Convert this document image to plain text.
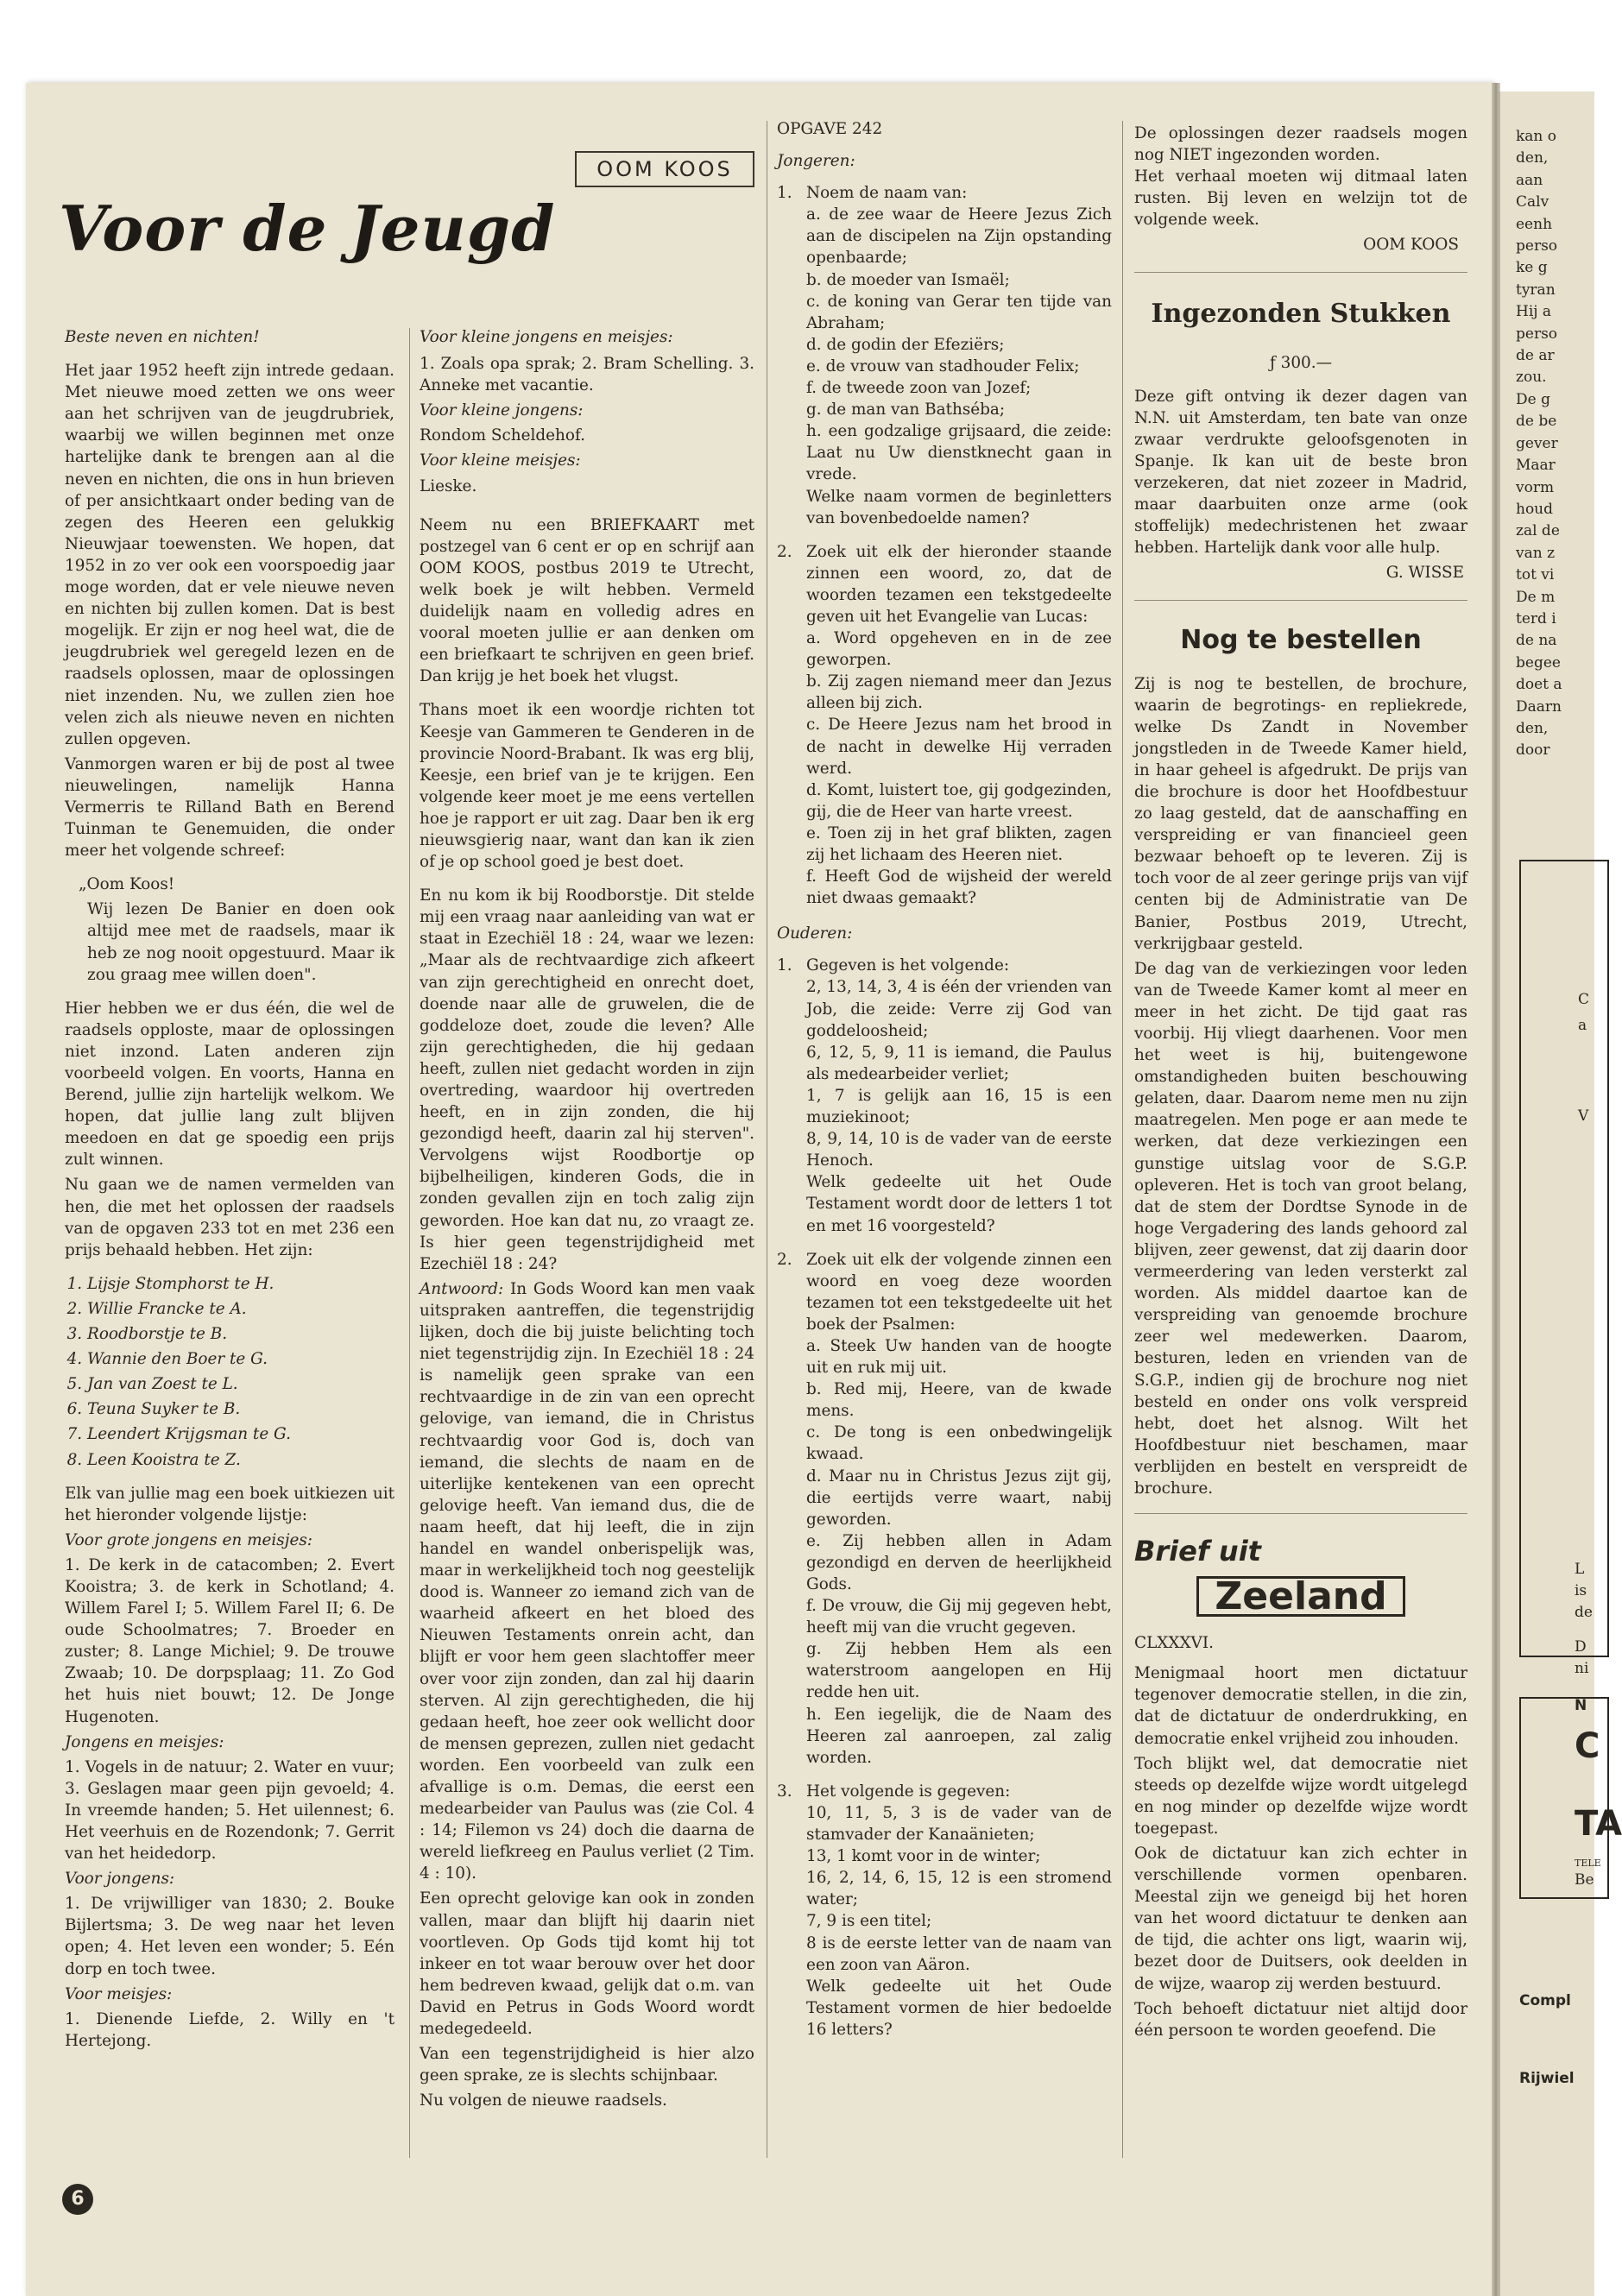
kan o
den,
aan
Calv
eenh
perso
ke g
tyran
Hij a
perso
de ar
zou.
De g
de be
gever
Maar
vorm
houd
zal de
van z
tot vi
De m
terd i
de na
begee
doet a
Daarn
den,
door
C
a
V
L
is
de
D
ni
N
C
TA
TELE
Be
Compl
Rijwiel
OOM KOOS
Voor de Jeugd

Beste neven en nichten!

Het jaar 1952 heeft zijn intrede gedaan. Met nieuwe moed zetten we ons weer aan het schrijven van de jeugdrubriek, waarbij we willen beginnen met onze hartelijke dank te brengen aan al die neven en nichten, die ons in hun brieven of per ansichtkaart onder beding van de zegen des Heeren een gelukkig Nieuwjaar toewensten. We hopen, dat 1952 in zo ver ook een voorspoedig jaar moge worden, dat er vele nieuwe neven en nichten bij zullen komen. Dat is best mogelijk. Er zijn er nog heel wat, die de jeugdrubriek wel geregeld lezen en de raadsels oplossen, maar de oplossingen niet inzenden. Nu, we zullen zien hoe velen zich als nieuwe neven en nichten zullen opgeven.

Vanmorgen waren er bij de post al twee nieuwelingen, namelijk Hanna Vermerris te Rilland Bath en Berend Tuinman te Genemuiden, die onder meer het volgende schreef:

„Oom Koos!

Wij lezen De Banier en doen ook altijd mee met de raadsels, maar ik heb ze nog nooit opgestuurd. Maar ik zou graag mee willen doen".

Hier hebben we er dus één, die wel de raadsels opploste, maar de oplossingen niet inzond. Laten anderen zijn voorbeeld volgen. En voorts, Hanna en Berend, jullie zijn hartelijk welkom. We hopen, dat jullie lang zult blijven meedoen en dat ge spoedig een prijs zult winnen.

Nu gaan we de namen vermelden van hen, die met het oplossen der raadsels van de opgaven 233 tot en met 236 een prijs behaald hebben. Het zijn:

1. Lijsje Stomphorst te H.
2. Willie Francke te A.
3. Roodborstje te B.
4. Wannie den Boer te G.
5. Jan van Zoest te L.
6. Teuna Suyker te B.
7. Leendert Krijgsman te G.
8. Leen Kooistra te Z.

Elk van jullie mag een boek uitkiezen uit het hieronder volgende lijstje:

Voor grote jongens en meisjes:

1. De kerk in de catacomben; 2. Evert Kooistra; 3. de kerk in Schotland; 4. Willem Farel I; 5. Willem Farel II; 6. De oude Schoolmatres; 7. Broeder en zuster; 8. Lange Michiel; 9. De trouwe Zwaab; 10. De dorpsplaag; 11. Zo God het huis niet bouwt; 12. De Jonge Hugenoten.

Jongens en meisjes:

1. Vogels in de natuur; 2. Water en vuur; 3. Geslagen maar geen pijn gevoeld; 4. In vreemde handen; 5. Het uilennest; 6. Het veerhuis en de Rozendonk; 7. Gerrit van het heidedorp.

Voor jongens:

1. De vrijwilliger van 1830; 2. Bouke Bijlertsma; 3. De weg naar het leven open; 4. Het leven een wonder; 5. Eén dorp en toch twee.

Voor meisjes:

1. Dienende Liefde, 2. Willy en 't Hertejong.

Voor kleine jongens en meisjes:

1. Zoals opa sprak; 2. Bram Schelling. 3. Anneke met vacantie.

Voor kleine jongens:

Rondom Scheldehof.

Voor kleine meisjes:

Lieske.

Neem nu een BRIEFKAART met postzegel van 6 cent er op en schrijf aan OOM KOOS, postbus 2019 te Utrecht, welk boek je wilt hebben. Vermeld duidelijk naam en volledig adres en vooral moeten jullie er aan denken om een briefkaart te schrijven en geen brief. Dan krijg je het boek het vlugst.

Thans moet ik een woordje richten tot Keesje van Gammeren te Genderen in de provincie Noord-Brabant. Ik was erg blij, Keesje, een brief van je te krijgen. Een volgende keer moet je me eens vertellen hoe je rapport er uit zag. Daar ben ik erg nieuwsgierig naar, want dan kan ik zien of je op school goed je best doet.

En nu kom ik bij Roodborstje. Dit stelde mij een vraag naar aanleiding van wat er staat in Ezechiël 18 : 24, waar we lezen: „Maar als de rechtvaardige zich afkeert van zijn gerechtigheid en onrecht doet, doende naar alle de gruwelen, die de goddeloze doet, zoude die leven? Alle zijn gerechtigheden, die hij gedaan heeft, zullen niet gedacht worden in zijn overtreding, waardoor hij overtreden heeft, en in zijn zonden, die hij gezondigd heeft, daarin zal hij sterven". Vervolgens wijst Roodbortje op bijbelheiligen, kinderen Gods, die in zonden gevallen zijn en toch zalig zijn geworden. Hoe kan dat nu, zo vraagt ze. Is hier geen tegenstrijdigheid met Ezechiël 18 : 24?

Antwoord: In Gods Woord kan men vaak uitspraken aantreffen, die tegenstrijdig lijken, doch die bij juiste belichting toch niet tegenstrijdig zijn. In Ezechiël 18 : 24 is namelijk geen sprake van een rechtvaardige in de zin van een oprecht gelovige, van iemand, die in Christus rechtvaardig voor God is, doch van iemand, die slechts de naam en de uiterlijke kentekenen van een oprecht gelovige heeft. Van iemand dus, die de naam heeft, dat hij leeft, die in zijn handel en wandel onberispelijk was, maar in werkelijkheid toch nog geestelijk dood is. Wanneer zo iemand zich van de waarheid afkeert en het bloed des Nieuwen Testaments onrein acht, dan blijft er voor hem geen slachtoffer meer over voor zijn zonden, dan zal hij daarin sterven. Al zijn gerechtigheden, die hij gedaan heeft, hoe zeer ook wellicht door de mensen geprezen, zullen niet gedacht worden. Een voorbeeld van zulk een afvallige is o.m. Demas, die eerst een medearbeider van Paulus was (zie Col. 4 : 14; Filemon vs 24) doch die daarna de wereld liefkreeg en Paulus verliet (2 Tim. 4 : 10).

Een oprecht gelovige kan ook in zonden vallen, maar dan blijft hij daarin niet voortleven. Op Gods tijd komt hij tot inkeer en tot waar berouw over het door hem bedreven kwaad, gelijk dat o.m. van David en Petrus in Gods Woord wordt medegedeeld.

Van een tegenstrijdigheid is hier alzo geen sprake, ze is slechts schijnbaar.

Nu volgen de nieuwe raadsels.

OPGAVE 242

Jongeren:

1. Noem de naam van:
a. de zee waar de Heere Jezus Zich aan de discipelen na Zijn opstanding openbaarde;
b. de moeder van Ismaël;
c. de koning van Gerar ten tijde van Abraham;
d. de godin der Efeziërs;
e. de vrouw van stadhouder Felix;
f. de tweede zoon van Jozef;
g. de man van Bathséba;
h. een godzalige grijsaard, die zeide: Laat nu Uw dienstknecht gaan in vrede.
Welke naam vormen de beginletters van bovenbedoelde namen?
2. Zoek uit elk der hieronder staande zinnen een woord, zo, dat de woorden tezamen een tekstgedeelte geven uit het Evangelie van Lucas:
a. Word opgeheven en in de zee geworpen.
b. Zij zagen niemand meer dan Jezus alleen bij zich.
c. De Heere Jezus nam het brood in de nacht in dewelke Hij verraden werd.
d. Komt, luistert toe, gij godgezinden, gij, die de Heer van harte vreest.
e. Toen zij in het graf blikten, zagen zij het lichaam des Heeren niet.
f. Heeft God de wijsheid der wereld niet dwaas gemaakt?

Ouderen:

1. Gegeven is het volgende:
2, 13, 14, 3, 4 is één der vrienden van Job, die zeide: Verre zij God van goddeloosheid;
6, 12, 5, 9, 11 is iemand, die Paulus als medearbeider verliet;
1, 7 is gelijk aan 16, 15 is een muziekinoot;
8, 9, 14, 10 is de vader van de eerste Henoch.
Welk gedeelte uit het Oude Testament wordt door de letters 1 tot en met 16 voorgesteld?
2. Zoek uit elk der volgende zinnen een woord en voeg deze woorden tezamen tot een tekstgedeelte uit het boek der Psalmen:
a. Steek Uw handen van de hoogte uit en ruk mij uit.
b. Red mij, Heere, van de kwade mens.
c. De tong is een onbedwingelijk kwaad.
d. Maar nu in Christus Jezus zijt gij, die eertijds verre waart, nabij geworden.
e. Zij hebben allen in Adam gezondigd en derven de heerlijkheid Gods.
f. De vrouw, die Gij mij gegeven hebt, heeft mij van die vrucht gegeven.
g. Zij hebben Hem als een waterstroom aangelopen en Hij redde hen uit.
h. Een iegelijk, die de Naam des Heeren zal aanroepen, zal zalig worden.
3. Het volgende is gegeven:
10, 11, 5, 3 is de vader van de stamvader der Kanaänieten;
13, 1 komt voor in de winter;
16, 2, 14, 6, 15, 12 is een stromend water;
7, 9 is een titel;
8 is de eerste letter van de naam van een zoon van Aäron.
Welk gedeelte uit het Oude Testament vormen de hier bedoelde 16 letters?

De oplossingen dezer raadsels mogen nog NIET ingezonden worden.

Het verhaal moeten wij ditmaal laten rusten. Bij leven en welzijn tot de volgende week.

OOM KOOS

Ingezonden Stukken

ƒ 300.—

Deze gift ontving ik dezer dagen van N.N. uit Amsterdam, ten bate van onze zwaar verdrukte geloofsgenoten in Spanje. Ik kan uit de beste bron verzekeren, dat niet zozeer in Madrid, maar daarbuiten onze arme (ook stoffelijk) medechristenen het zwaar hebben. Hartelijk dank voor alle hulp.

G. WISSE

Nog te bestellen

Zij is nog te bestellen, de brochure, waarin de begrotings- en repliekrede, welke Ds Zandt in November jongstleden in de Tweede Kamer hield, in haar geheel is afgedrukt. De prijs van die brochure is door het Hoofdbestuur zo laag gesteld, dat de aanschaffing en verspreiding er van financieel geen bezwaar behoeft op te leveren. Zij is toch voor de al zeer geringe prijs van vijf centen bij de Administratie van De Banier, Postbus 2019, Utrecht, verkrijgbaar gesteld.

De dag van de verkiezingen voor leden van de Tweede Kamer komt al meer en meer in het zicht. De tijd gaat ras voorbij. Hij vliegt daarhenen. Voor men het weet is hij, buitengewone omstandigheden buiten beschouwing gelaten, daar. Daarom neme men nu zijn maatregelen. Men poge er aan mede te werken, dat deze verkiezingen een gunstige uitslag voor de S.G.P. opleveren. Het is toch van groot belang, dat de stem der Dordtse Synode in de hoge Vergadering des lands gehoord zal blijven, zeer gewenst, dat zij daarin door vermeerdering van leden versterkt zal worden. Als middel daartoe kan de verspreiding van genoemde brochure zeer wel medewerken. Daarom, besturen, leden en vrienden van de S.G.P., indien gij de brochure nog niet besteld en onder ons volk verspreid hebt, doet het alsnog. Wilt het Hoofdbestuur niet beschamen, maar verblijden en bestelt en verspreidt de brochure.

Brief uit

Zeeland

CLXXXVI.

Menigmaal hoort men dictatuur tegenover democratie stellen, in die zin, dat de dictatuur de onderdrukking, en democratie enkel vrijheid zou inhouden.

Toch blijkt wel, dat democratie niet steeds op dezelfde wijze wordt uitgelegd en nog minder op dezelfde wijze wordt toegepast.

Ook de dictatuur kan zich echter in verschillende vormen openbaren. Meestal zijn we geneigd bij het horen van het woord dictatuur te denken aan de tijd, die achter ons ligt, waarin wij, bezet door de Duitsers, ook deelden in de wijze, waarop zij werden bestuurd.

Toch behoeft dictatuur niet altijd door één persoon te worden geoefend. Die

6
